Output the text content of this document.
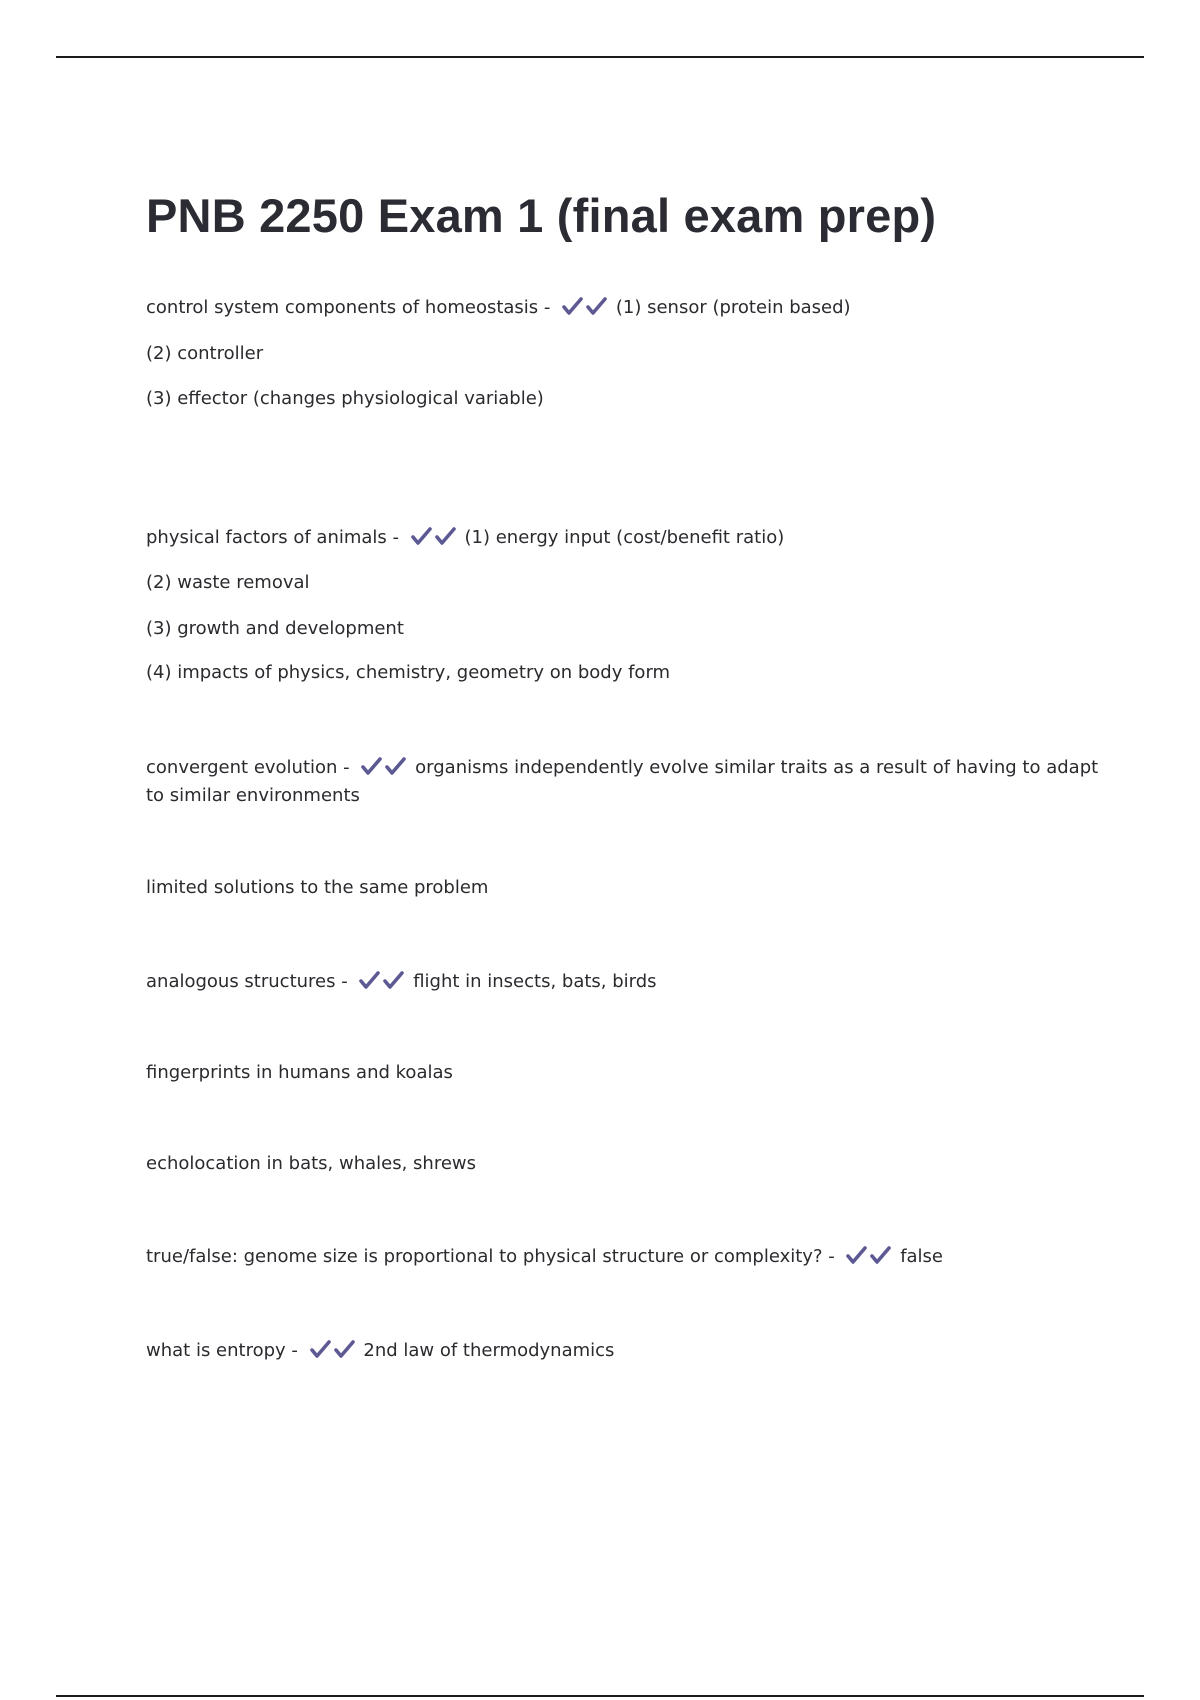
PNB 2250 Exam 1 (final exam prep)
control system components of homeostasis -	(1) sensor (protein based)
(2) controller
(3) effector (changes physiological variable)
physical factors of animals -	(1) energy input (cost/benefit ratio)
(2) waste removal
(3) growth and development
(4) impacts of physics, chemistry, geometry on body form
convergent evolution -	organisms independently evolve similar traits as a result of having to adapt to similar environments
limited solutions to the same problem
analogous structures -	flight in insects, bats, birds
fingerprints in humans and koalas
echolocation in bats, whales, shrews
true/false: genome size is proportional to physical structure or complexity? -	false
what is entropy -	2nd law of thermodynamics
